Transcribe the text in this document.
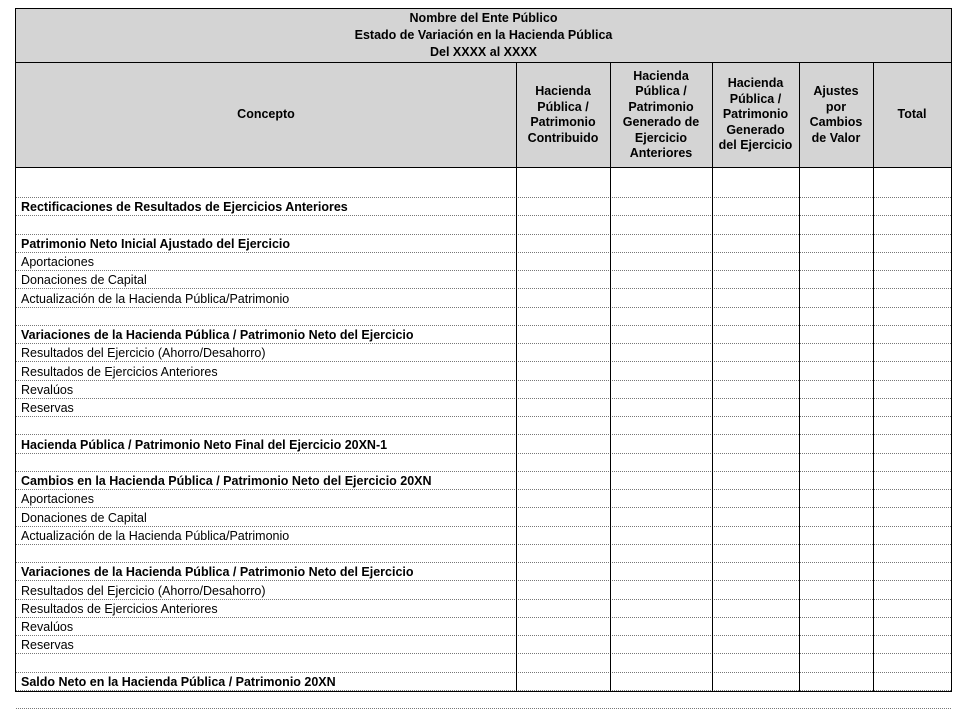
Nombre del Ente Público
Estado de Variación en la Hacienda Pública
Del XXXX al XXXX
Concepto
Hacienda
Pública /
Patrimonio
Contribuido
Hacienda
Pública /
Patrimonio
Generado de
Ejercicio
Anteriores
Hacienda
Pública /
Patrimonio
Generado
del Ejercicio
Ajustes
por
Cambios
de Valor
Total
Rectificaciones de Resultados de Ejercicios Anteriores
Patrimonio Neto Inicial Ajustado del Ejercicio
Aportaciones
Donaciones de Capital
Actualización de la Hacienda Pública/Patrimonio
Variaciones de la Hacienda Pública / Patrimonio Neto del Ejercicio
Resultados del Ejercicio (Ahorro/Desahorro)
Resultados de Ejercicios Anteriores
Revalúos
Reservas
Hacienda Pública / Patrimonio Neto Final del Ejercicio 20XN-1
Cambios en la Hacienda Pública / Patrimonio Neto del Ejercicio 20XN
Aportaciones
Donaciones de Capital
Actualización de la Hacienda Pública/Patrimonio
Variaciones de la Hacienda Pública / Patrimonio Neto del Ejercicio
Resultados del Ejercicio (Ahorro/Desahorro)
Resultados de Ejercicios Anteriores
Revalúos
Reservas
Saldo Neto en la Hacienda Pública / Patrimonio 20XN
